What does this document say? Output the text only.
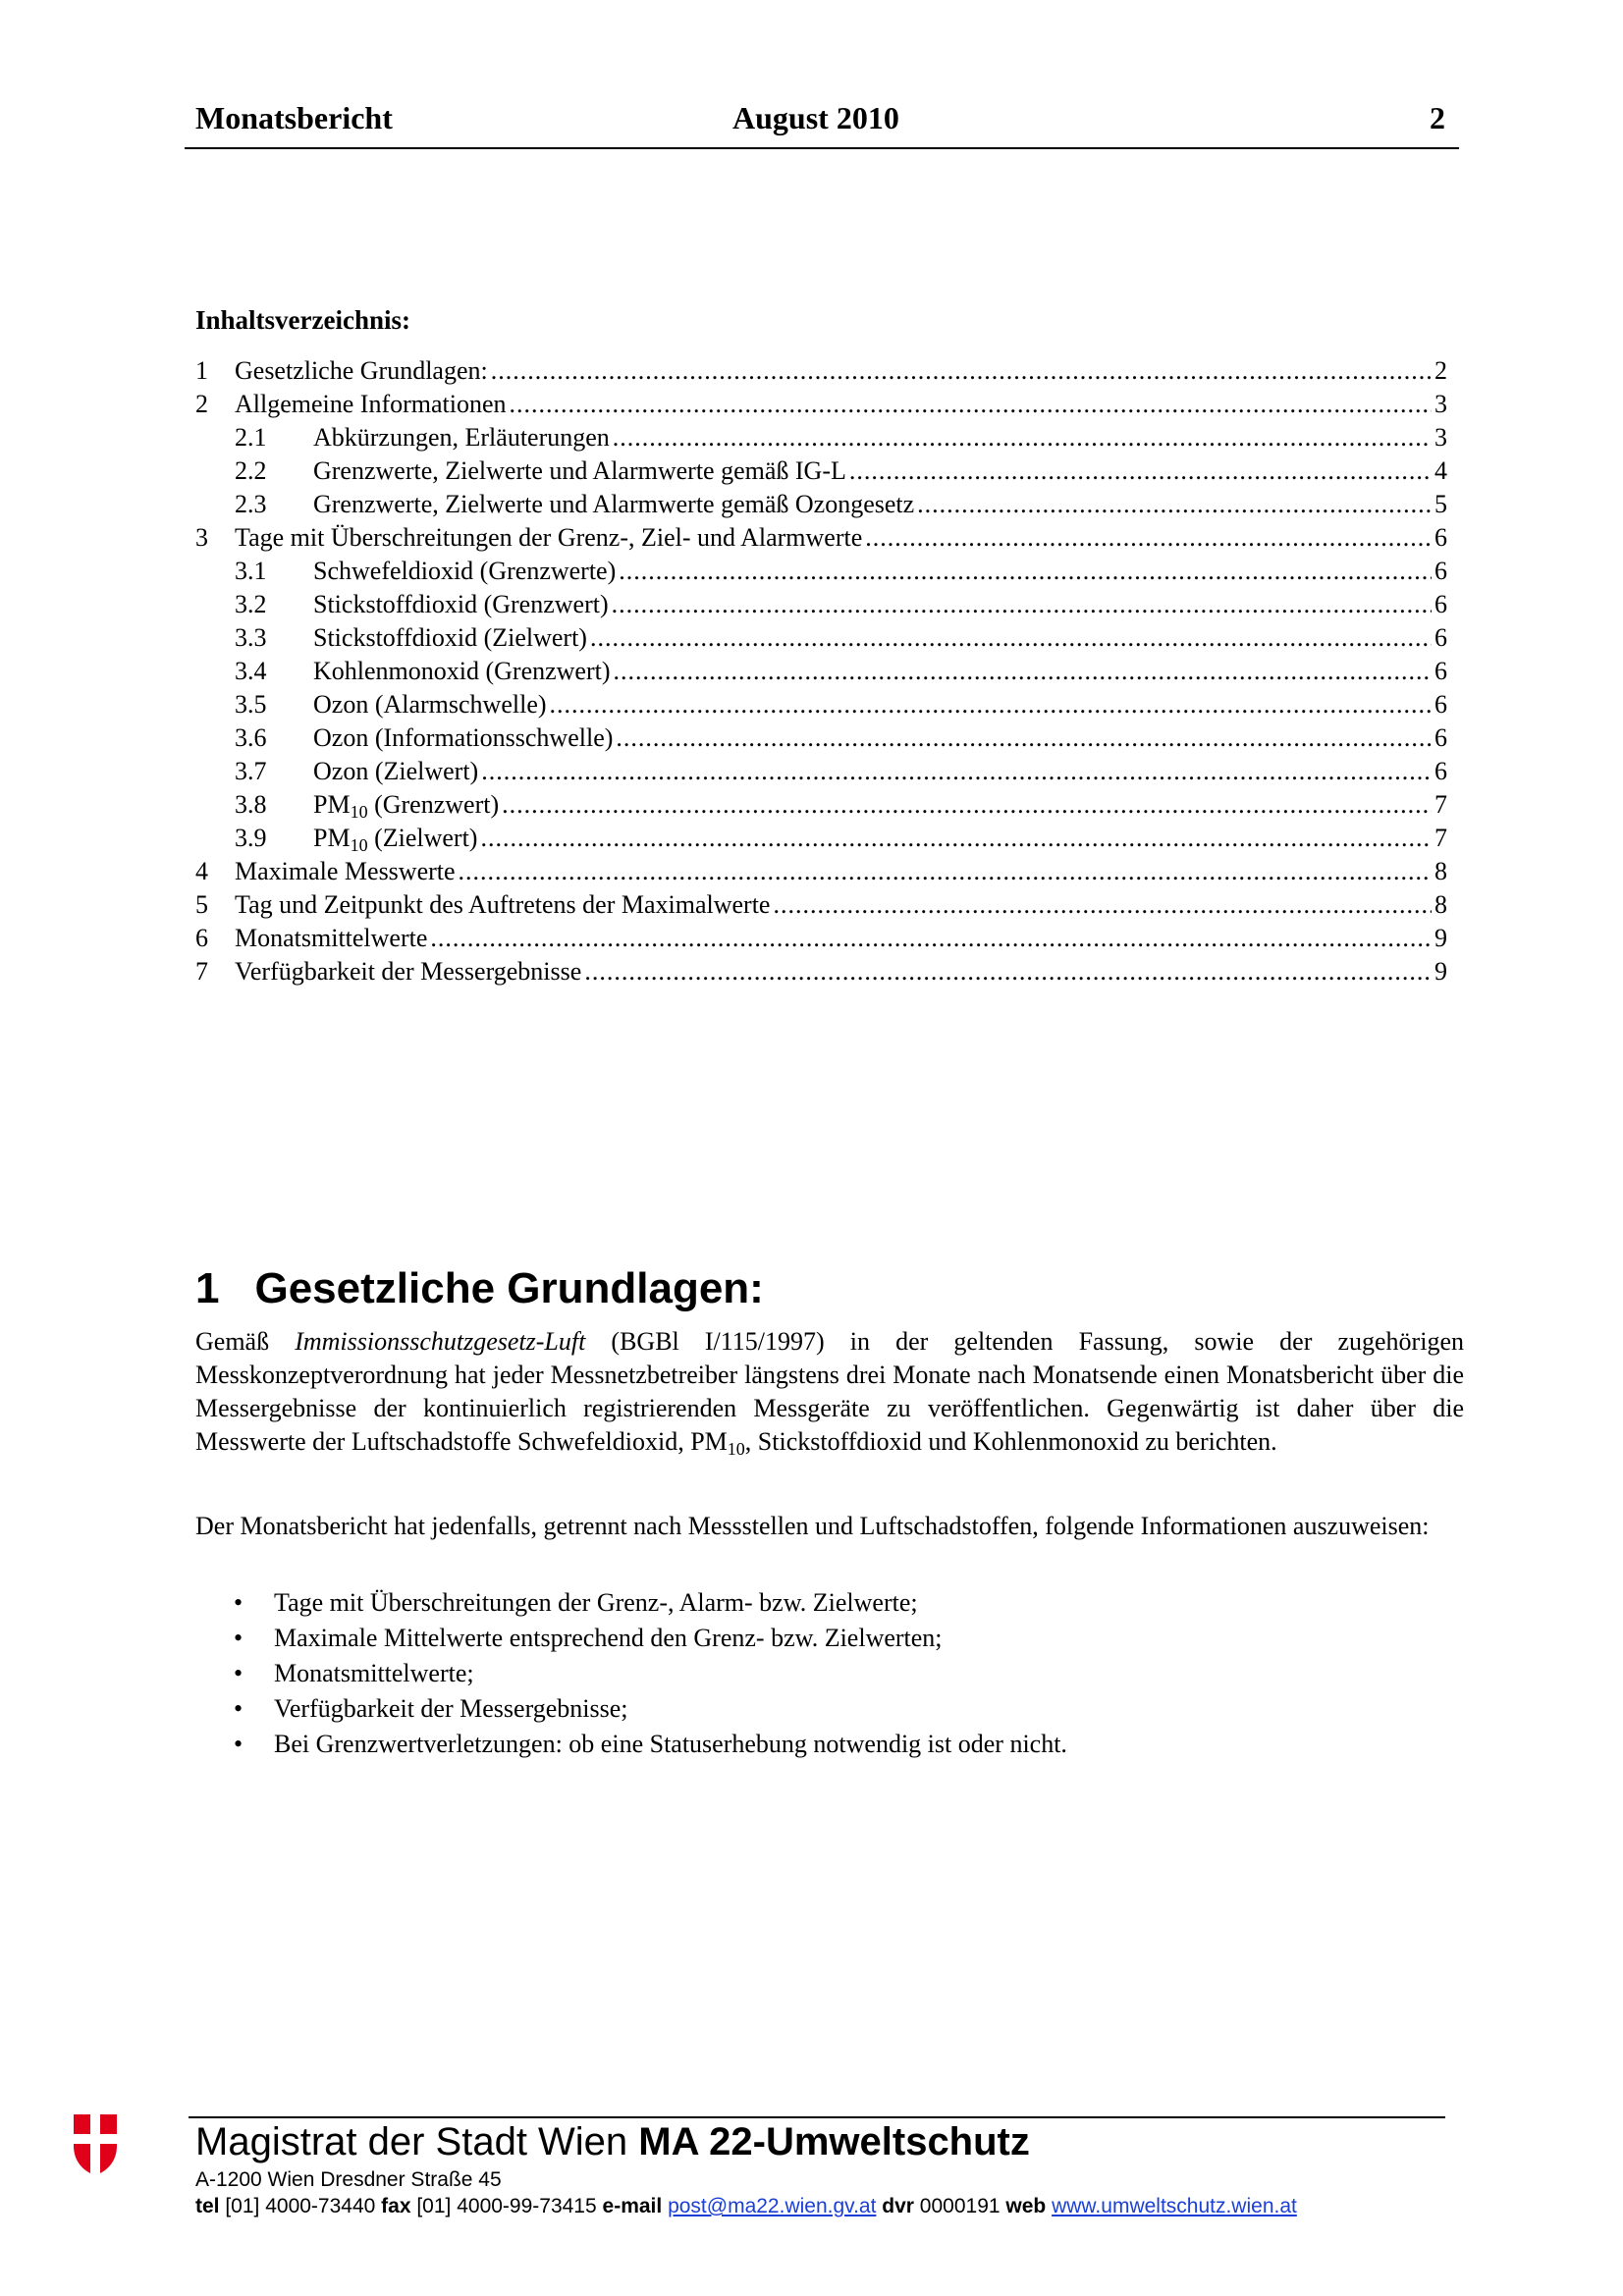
Monatsbericht	August 2010	2
Inhaltsverzeichnis:
1	Gesetzliche Grundlagen: .....	2
2	Allgemeine Informationen .....	3
2.1	Abkürzungen, Erläuterungen .....	3
2.2	Grenzwerte, Zielwerte und Alarmwerte gemäß IG-L .....	4
2.3	Grenzwerte, Zielwerte und Alarmwerte gemäß Ozongesetz .....	5
3	Tage mit Überschreitungen der Grenz-, Ziel- und Alarmwerte .....	6
3.1	Schwefeldioxid (Grenzwerte) .....	6
3.2	Stickstoffdioxid (Grenzwert) .....	6
3.3	Stickstoffdioxid (Zielwert) .....	6
3.4	Kohlenmonoxid (Grenzwert) .....	6
3.5	Ozon (Alarmschwelle) .....	6
3.6	Ozon (Informationsschwelle) .....	6
3.7	Ozon (Zielwert) .....	6
3.8	$PM_{10}$ (Grenzwert) .....	7
3.9	$PM_{10}$ (Zielwert) .....	7
4	Maximale Messwerte .....	8
5	Tag und Zeitpunkt des Auftretens der Maximalwerte .....	8
6	Monatsmittelwerte .....	9
7	Verfügbarkeit der Messergebnisse .....	9
1 Gesetzliche Grundlagen:
Gemäß Immissionsschutzgesetz-Luft (BGBl I/115/1997) in der geltenden Fassung, sowie der zugehörigen Messkonzeptverordnung hat jeder Messnetzbetreiber längstens drei Monate nach Monatsende einen Monatsbericht über die Messergebnisse der kontinuierlich registrierenden Messgeräte zu veröffentlichen. Gegenwärtig ist daher über die Messwerte der Luftschadstoffe Schwefeldioxid, $PM_{10}$, Stickstoffdioxid und Kohlenmonoxid zu berichten.
Der Monatsbericht hat jedenfalls, getrennt nach Messstellen und Luftschadstoffen, folgende Informationen auszuweisen:
• Tage mit Überschreitungen der Grenz-, Alarm- bzw. Zielwerte;
• Maximale Mittelwerte entsprechend den Grenz- bzw. Zielwerten;
• Monatsmittelwerte;
• Verfügbarkeit der Messergebnisse;
• Bei Grenzwertverletzungen: ob eine Statuserhebung notwendig ist oder nicht.
Magistrat der Stadt Wien MA 22-Umweltschutz
A-1200 Wien Dresdner Straße 45
tel [01] 4000-73440 fax [01] 4000-99-73415 e-mail post@ma22.wien.gv.at dvr 0000191 web www.umweltschutz.wien.at
